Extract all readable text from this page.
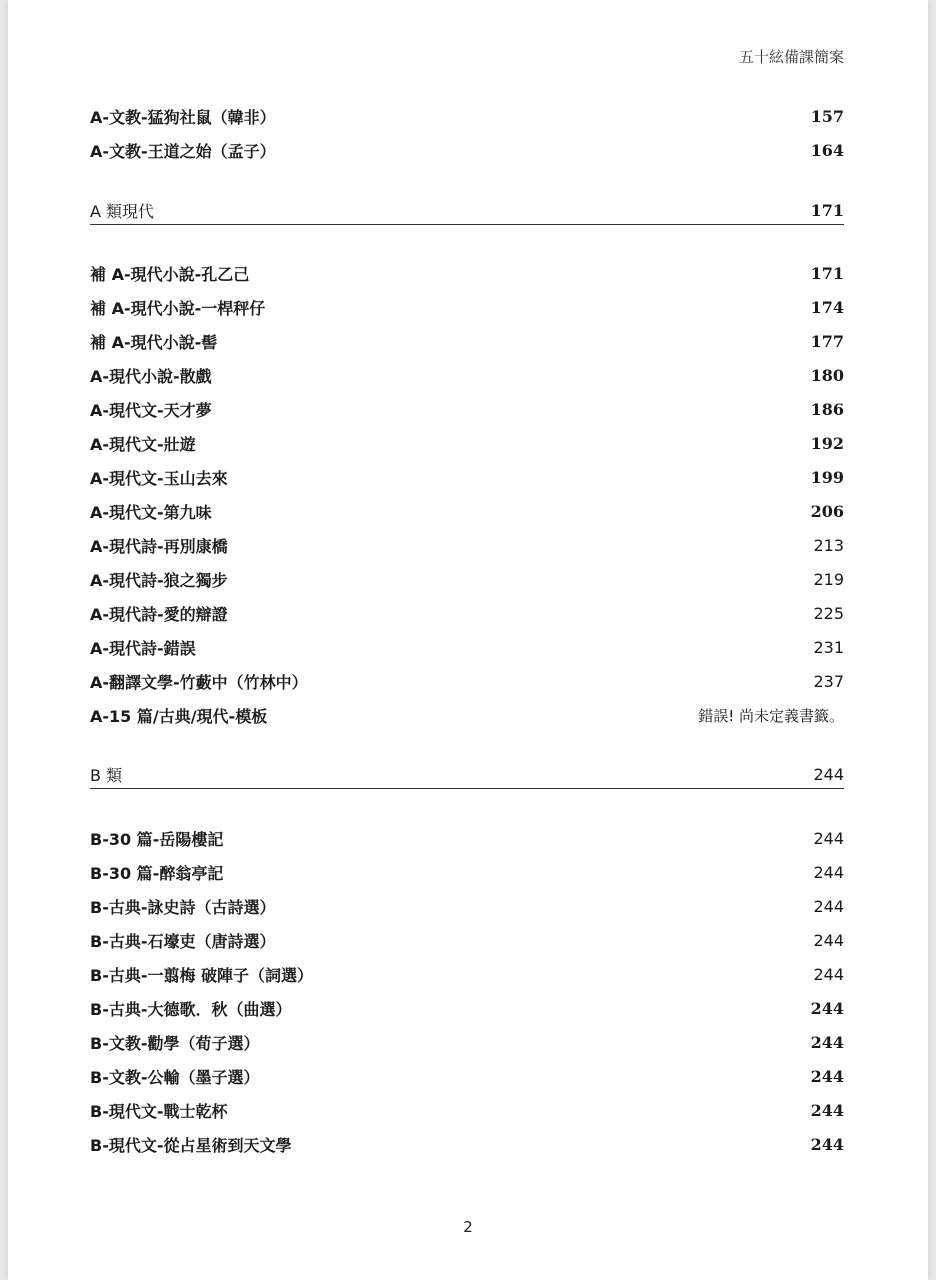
五十絃備課簡案
A-文教-猛狗社鼠（韓非）	157
A-文教-王道之始（孟子）	164
A 類現代	171
補 A-現代小說-孔乙己	171
補 A-現代小說-一桿秤仔	174
補 A-現代小說-髻	177
A-現代小說-散戲	180
A-現代文-天才夢	186
A-現代文-壯遊	192
A-現代文-玉山去來	199
A-現代文-第九味	206
A-現代詩-再別康橋	213
A-現代詩-狼之獨步	219
A-現代詩-愛的辯證	225
A-現代詩-錯誤	231
A-翻譯文學-竹藪中（竹林中）	237
A-15 篇/古典/現代-模板	錯誤! 尚未定義書籤。
B 類	244
B-30 篇-岳陽樓記	244
B-30 篇-醉翁亭記	244
B-古典-詠史詩（古詩選）	244
B-古典-石壕吏（唐詩選）	244
B-古典-一翦梅 破陣子（詞選）	244
B-古典-大德歌．秋（曲選）	244
B-文教-勸學（荀子選）	244
B-文教-公輸（墨子選）	244
B-現代文-戰士乾杯	244
B-現代文-從占星術到天文學	244
2
